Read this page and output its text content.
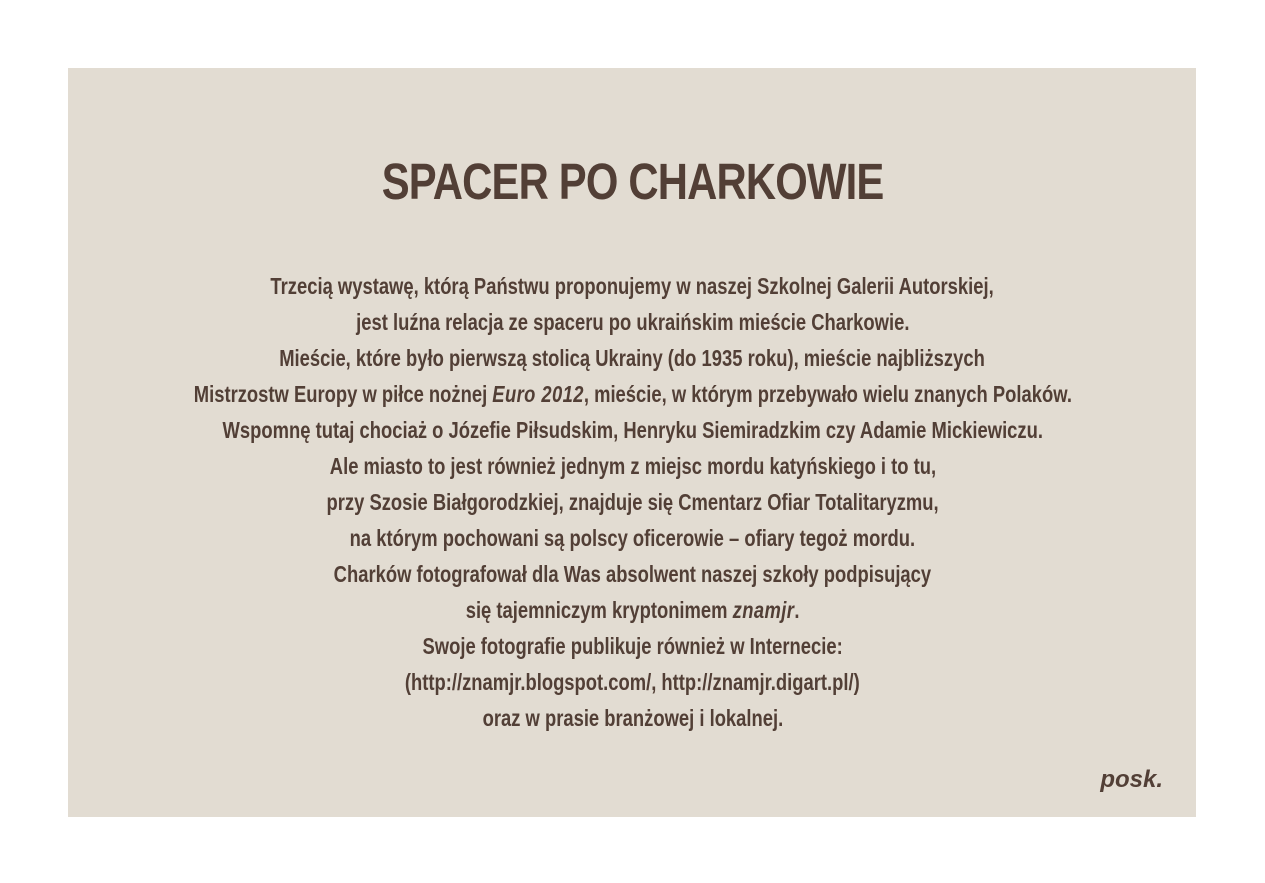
SPACER PO CHARKOWIE
Trzecią wystawę, którą Państwu proponujemy w naszej Szkolnej Galerii Autorskiej,
jest luźna relacja ze spaceru po ukraińskim mieście Charkowie.
Mieście, które było pierwszą stolicą Ukrainy (do 1935 roku), mieście najbliższych
Mistrzostw Europy w piłce nożnej Euro 2012, mieście, w którym przebywało wielu znanych Polaków.
Wspomnę tutaj chociaż o Józefie Piłsudskim, Henryku Siemiradzkim czy Adamie Mickiewiczu.
Ale miasto to jest również jednym z miejsc mordu katyńskiego i to tu,
przy Szosie Białgorodzkiej, znajduje się Cmentarz Ofiar Totalitaryzmu,
na którym pochowani są polscy oficerowie – ofiary tegoż mordu.
Charków fotografował dla Was absolwent naszej szkoły podpisujący
się tajemniczym kryptonimem znamjr.
Swoje fotografie publikuje również w Internecie:
(http://znamjr.blogspot.com/, http://znamjr.digart.pl/)
oraz w prasie branżowej i lokalnej.
posk.
